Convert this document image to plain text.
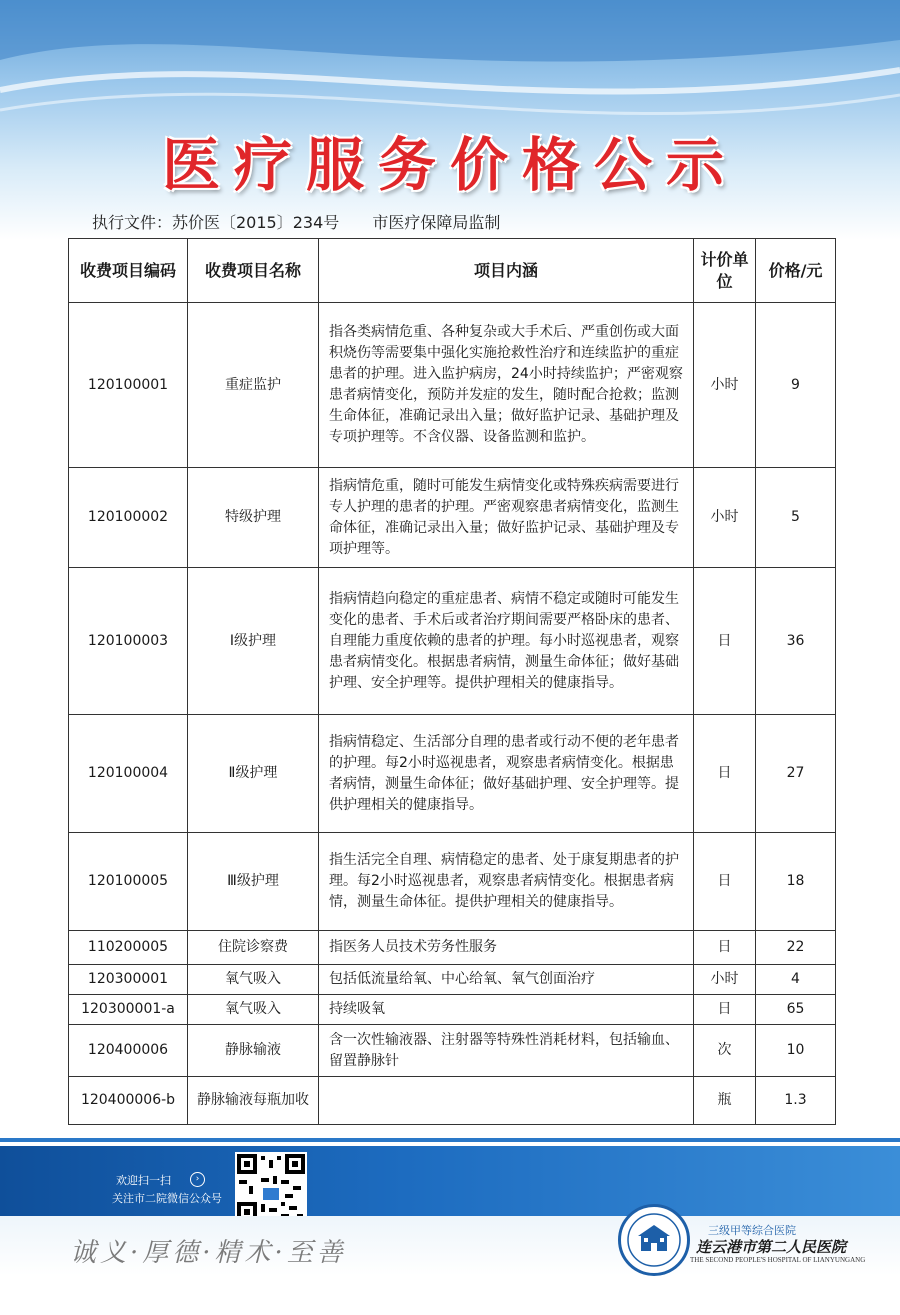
医疗服务价格公示
执行文件：苏价医〔2015〕234号 市医疗保障局监制
收费项目编码	收费项目名称	项目内涵	计价单位	价格/元
120100001	重症监护	指各类病情危重、各种复杂或大手术后、严重创伤或大面积烧伤等需要集中强化实施抢救性治疗和连续监护的重症患者的护理。进入监护病房，24小时持续监护；严密观察患者病情变化，预防并发症的发生，随时配合抢救；监测生命体征，准确记录出入量；做好监护记录、基础护理及专项护理等。不含仪器、设备监测和监护。	小时	9
120100002	特级护理	指病情危重，随时可能发生病情变化或特殊疾病需要进行专人护理的患者的护理。严密观察患者病情变化，监测生命体征，准确记录出入量；做好监护记录、基础护理及专项护理等。	小时	5
120100003	Ⅰ级护理	指病情趋向稳定的重症患者、病情不稳定或随时可能发生变化的患者、手术后或者治疗期间需要严格卧床的患者、自理能力重度依赖的患者的护理。每小时巡视患者，观察患者病情变化。根据患者病情，测量生命体征；做好基础护理、安全护理等。提供护理相关的健康指导。	日	36
120100004	Ⅱ级护理	指病情稳定、生活部分自理的患者或行动不便的老年患者的护理。每2小时巡视患者，观察患者病情变化。根据患者病情，测量生命体征；做好基础护理、安全护理等。提供护理相关的健康指导。	日	27
120100005	Ⅲ级护理	指生活完全自理、病情稳定的患者、处于康复期患者的护理。每2小时巡视患者，观察患者病情变化。根据患者病情，测量生命体征。提供护理相关的健康指导。	日	18
110200005	住院诊察费	指医务人员技术劳务性服务	日	22
120300001	氧气吸入	包括低流量给氧、中心给氧、氧气创面治疗	小时	4
120300001-a	氧气吸入	持续吸氧	日	65
120400006	静脉输液	含一次性输液器、注射器等特殊性消耗材料，包括输血、留置静脉针	次	10
120400006-b	静脉输液每瓶加收		瓶	1.3
欢迎扫一扫	›
关注市二院微信公众号
诚义·厚德·精术·至善
三级甲等综合医院
连云港市第二人民医院
THE SECOND PEOPLE'S HOSPITAL OF LIANYUNGANG
